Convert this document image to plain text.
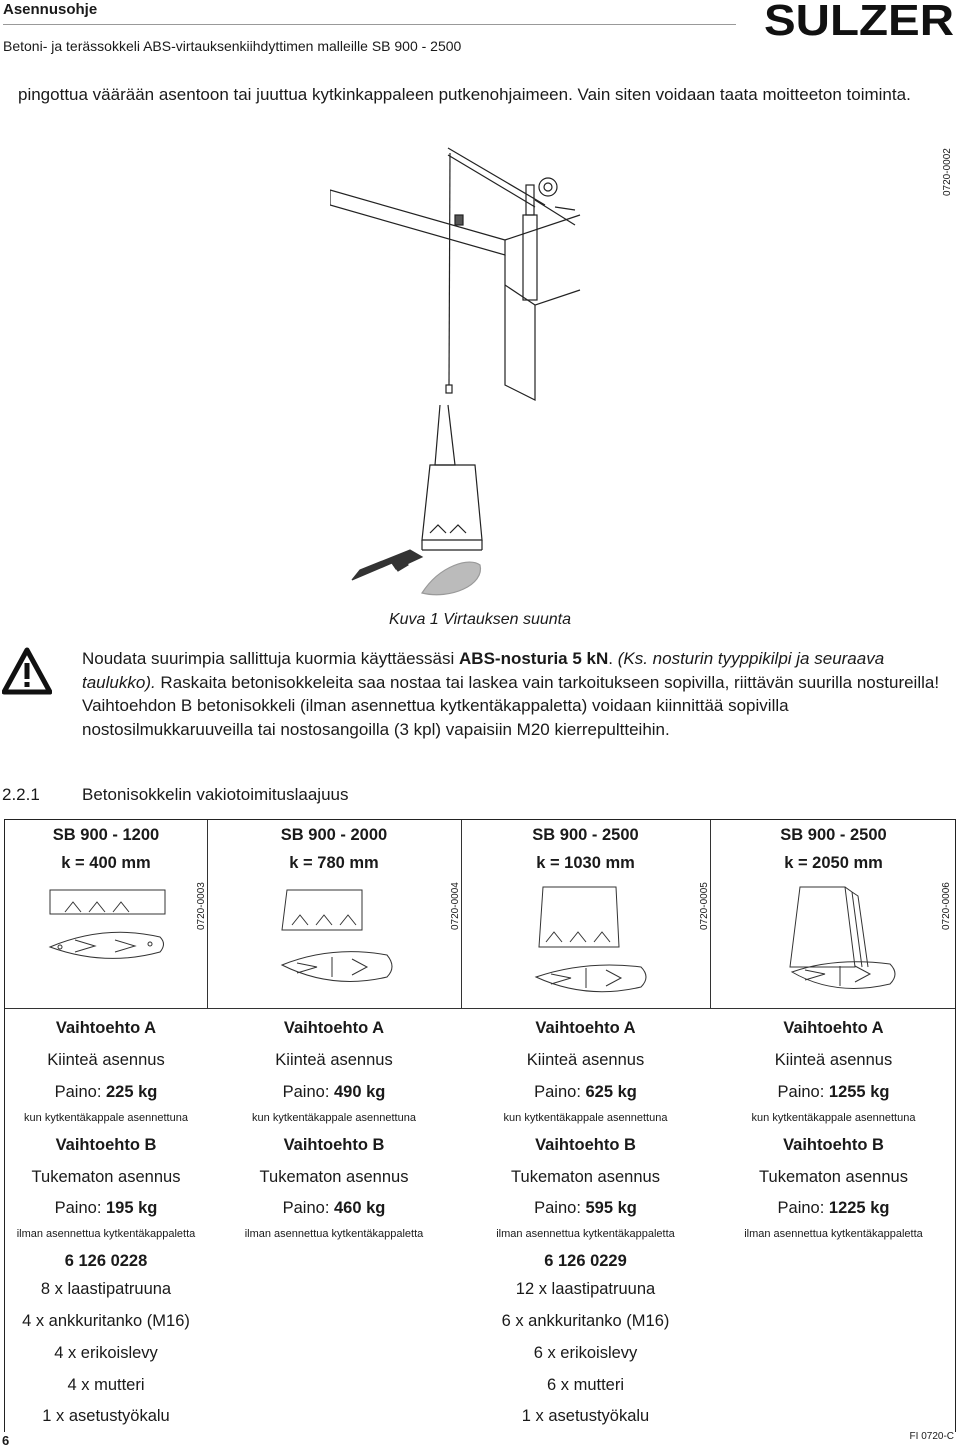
Asennusohje
Betoni- ja terässokkeli ABS-virtauksenkiihdyttimen malleille SB 900 - 2500
SULZER
pingottua väärään asentoon tai juuttua kytkinkappaleen putkenohjaimeen. Vain siten voidaan taata moitteeton toiminta.
0720-0002
Kuva 1 Virtauksen suunta
Noudata suurimpia sallittuja kuormia käyttäessäsi ABS-nosturia 5 kN. (Ks. nosturin tyyppikilpi ja seuraava taulukko). Raskaita betonisokkeleita saa nostaa tai laskea vain tarkoitukseen sopivilla, riittävän suurilla nostureilla! Vaihtoehdon B betonisokkeli (ilman asennettua kytkentäkappaletta) voidaan kiinnittää sopivilla nostosilmukkaruuveilla tai nostosangoilla (3 kpl) vapaisiin M20 kierrepultteihin.
2.2.1 Betonisokkelin vakiotoimituslaajuus
SB 900 - 1200
k = 400 mm
Vaihtoehto A
Kiinteä asennus
Paino: 225 kg
kun kytkentäkappale asennettuna
Vaihtoehto B
Tukematon asennus
Paino: 195 kg
ilman asennettua kytkentäkappaletta
6 126 0228
8 x laastipatruuna
4 x ankkuritanko (M16)
4 x erikoislevy
4 x mutteri
1 x asetustyökalu
0720-0003
SB 900 - 2000
k = 780 mm
Vaihtoehto A
Kiinteä asennus
Paino: 490 kg
kun kytkentäkappale asennettuna
Vaihtoehto B
Tukematon asennus
Paino: 460 kg
ilman asennettua kytkentäkappaletta
0720-0004
SB 900 - 2500
k = 1030 mm
Vaihtoehto A
Kiinteä asennus
Paino: 625 kg
kun kytkentäkappale asennettuna
Vaihtoehto B
Tukematon asennus
Paino: 595 kg
ilman asennettua kytkentäkappaletta
6 126 0229
12 x laastipatruuna
6 x ankkuritanko (M16)
6 x erikoislevy
6 x mutteri
1 x asetustyökalu
0720-0005
SB 900 - 2500
k = 2050 mm
Vaihtoehto A
Kiinteä asennus
Paino: 1255 kg
kun kytkentäkappale asennettuna
Vaihtoehto B
Tukematon asennus
Paino: 1225 kg
ilman asennettua kytkentäkappaletta
0720-0006
6	FI 0720-C
